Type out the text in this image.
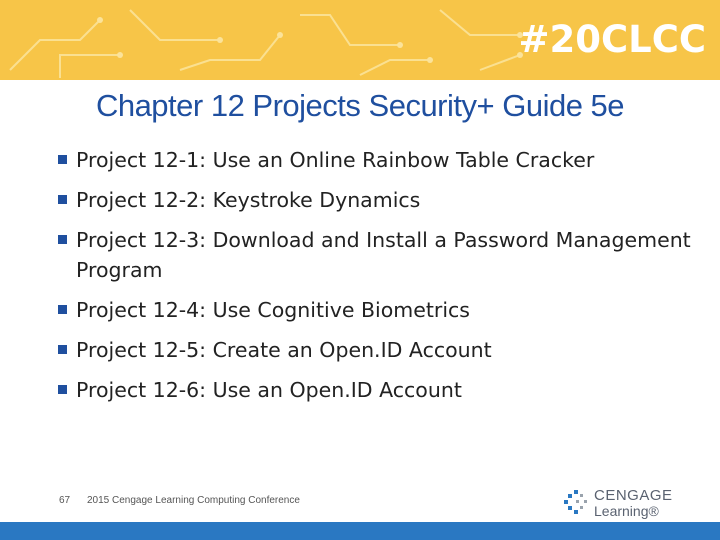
#20CLCC
Chapter 12 Projects Security+ Guide 5e
Project 12-1: Use an Online Rainbow Table Cracker
Project 12-2: Keystroke Dynamics
Project 12-3: Download and Install a Password Management Program
Project 12-4: Use Cognitive Biometrics
Project 12-5: Create an Open.ID Account
Project 12-6: Use an Open.ID Account
67 2015 Cengage Learning Computing Conference	CENGAGE
Learning®
